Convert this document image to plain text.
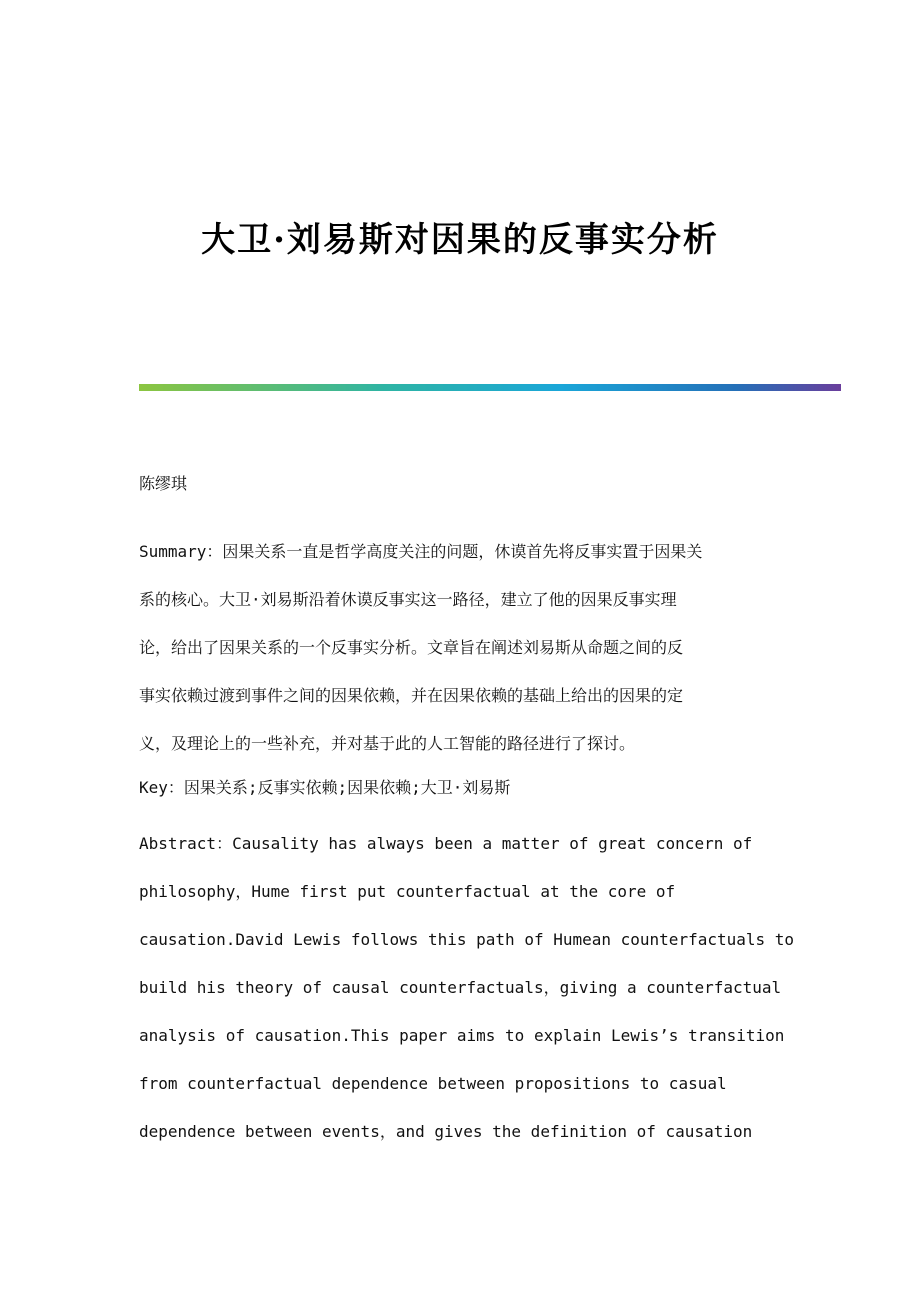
大卫·刘易斯对因果的反事实分析

陈缪琪

Summary：因果关系一直是哲学高度关注的问题，休谟首先将反事实置于因果关
系的核心。大卫·刘易斯沿着休谟反事实这一路径，建立了他的因果反事实理
论，给出了因果关系的一个反事实分析。文章旨在阐述刘易斯从命题之间的反
事实依赖过渡到事件之间的因果依赖，并在因果依赖的基础上给出的因果的定
义，及理论上的一些补充，并对基于此的人工智能的路径进行了探讨。

Key：因果关系;反事实依赖;因果依赖;大卫·刘易斯

Abstract：Causality has always been a matter of great concern of
philosophy，Hume first put counterfactual at the core of
causation.David Lewis follows this path of Humean counterfactuals to
build his theory of causal counterfactuals，giving a counterfactual
analysis of causation.This paper aims to explain Lewis’s transition
from counterfactual dependence between propositions to casual
dependence between events，and gives the definition of causation
